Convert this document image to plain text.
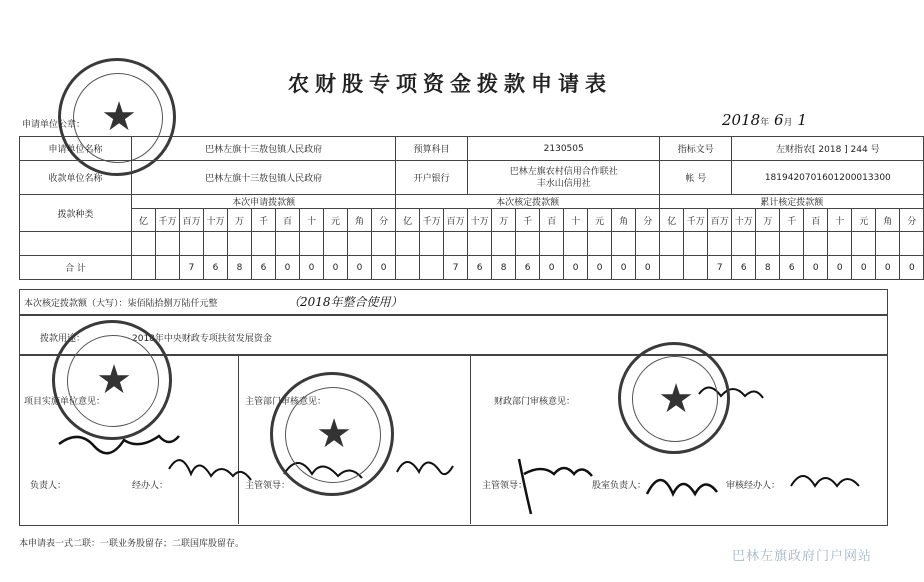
农财股专项资金拨款申请表
★
申请单位公章：	2018年 6月 1
申请单位名称	巴林左旗十三敖包镇人民政府											预算科目			2130505								指标文号			左财指农[ 2018 ] 244 号							
收款单位名称	巴林左旗十三敖包镇人民政府											开户银行			巴林左旗农村信用合作联社
丰水山信用社								帐 号			18194207016012000133​00							
拨款种类	本次申请拨款额											本次核定拨款额											累计核定拨款额										
	亿	千万	百万	十万	万	千	百	十	元	角	分	亿	千万	百万	十万	万	千	百	十	元	角	分	亿	千万	百万	十万	万	千	百	十	元	角	分

合 计			7	6	8	6	0	0	0	0	0			7	6	8	6	0	0	0	0	0			7	6	8	6	0	0	0	0	0
本次核定拨款额（大写）：柒佰陆拾捌万陆仟元整	（2018年整合使用）
拨款用途：	2018年中央财政专项扶贫发展资金
项目实施单位意见：	主管部门审核意见：	财政部门审核意见：
负责人：	经办人：	主管领导：	主管领导：	股室负责人：	审核经办人：
★
★
★
本申请表一式二联：一联业务股留存；二联国库股留存。
巴林左旗政府门户网站
